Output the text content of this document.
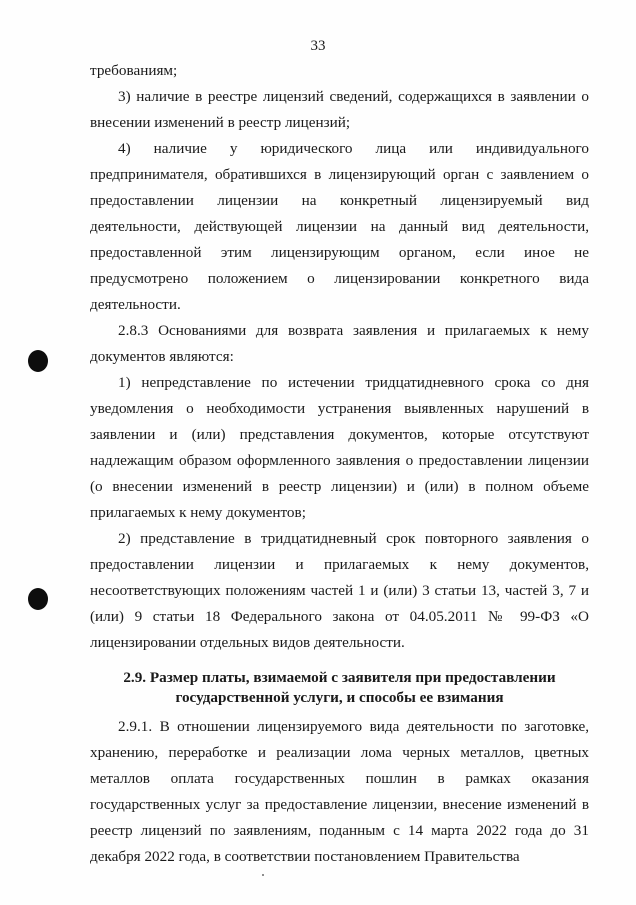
33

требованиям;

3) наличие в реестре лицензий сведений, содержащихся в заявлении о внесении изменений в реестр лицензий;

4) наличие у юридического лица или индивидуального предпринимателя, обратившихся в лицензирующий орган с заявлением о предоставлении лицензии на конкретный лицензируемый вид деятельности, действующей лицензии на данный вид деятельности, предоставленной этим лицензирующим органом, если иное не предусмотрено положением о лицензировании конкретного вида деятельности.

2.8.3 Основаниями для возврата заявления и прилагаемых к нему документов являются:

1) непредставление по истечении тридцатидневного срока со дня уведомления о необходимости устранения выявленных нарушений в заявлении и (или) представления документов, которые отсутствуют надлежащим образом оформленного заявления о предоставлении лицензии (о внесении изменений в реестр лицензии) и (или) в полном объеме прилагаемых к нему документов;

2) представление в тридцатидневный срок повторного заявления о предоставлении лицензии и прилагаемых к нему документов, несоответствующих положениям частей 1 и (или) 3 статьи 13, частей 3, 7 и (или) 9 статьи 18 Федерального закона от 04.05.2011 № 99-ФЗ «О лицензировании отдельных видов деятельности.

2.9. Размер платы, взимаемой с заявителя при предоставлении
государственной услуги, и способы ее взимания

2.9.1. В отношении лицензируемого вида деятельности по заготовке, хранению, переработке и реализации лома черных металлов, цветных металлов оплата государственных пошлин в рамках оказания государственных услуг за предоставление лицензии, внесение изменений в реестр лицензий по заявлениям, поданным с 14 марта 2022 года до 31 декабря 2022 года, в соответствии постановлением Правительства
